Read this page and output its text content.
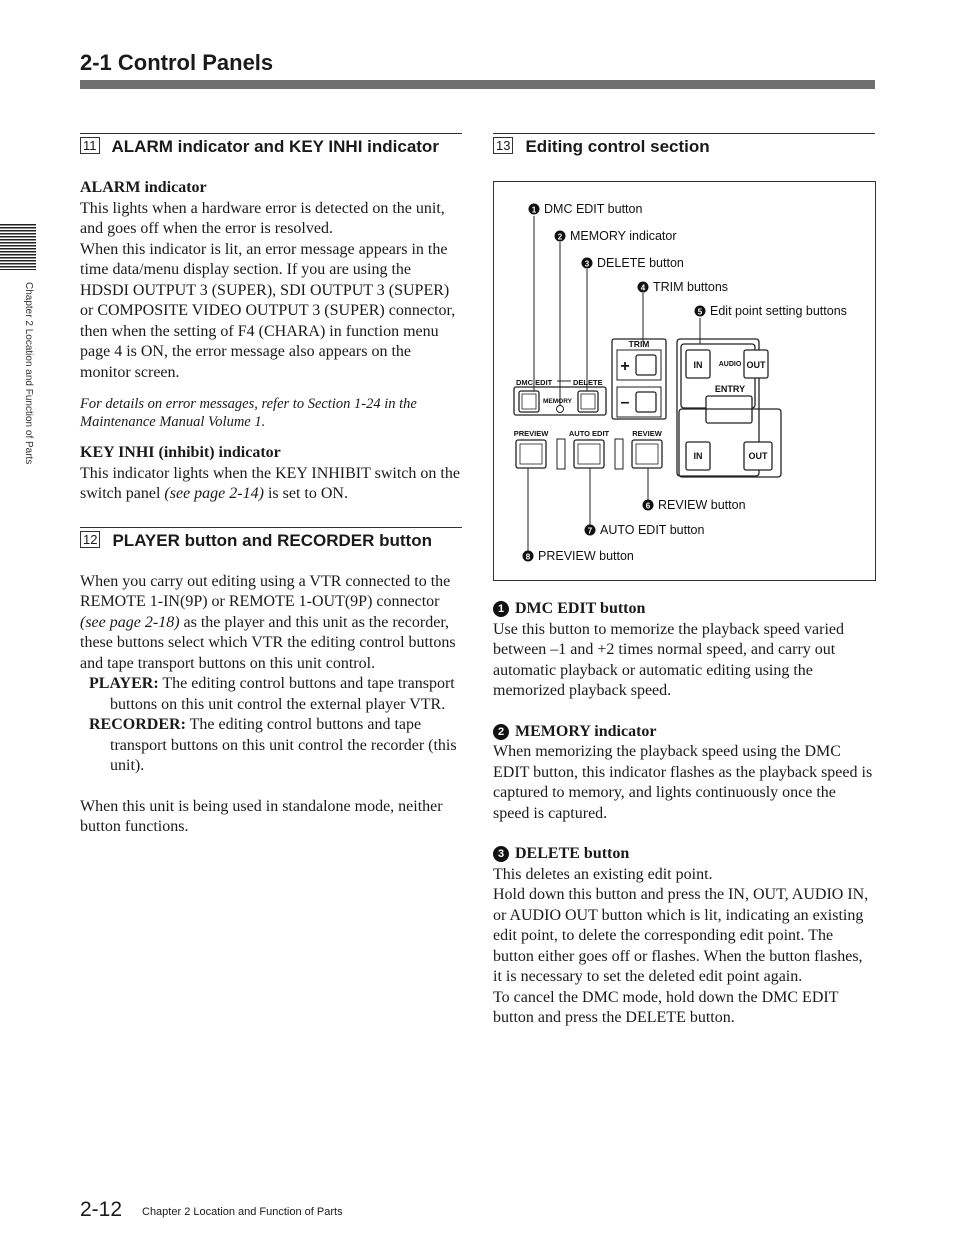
2-1 Control Panels
Chapter 2 Location and Function of Parts
11 ALARM indicator and KEY INHI indicator

ALARM indicator

This lights when a hardware error is detected on the unit, and goes off when the error is resolved.

When this indicator is lit, an error message appears in the time data/menu display section. If you are using the HDSDI OUTPUT 3 (SUPER), SDI OUTPUT 3 (SUPER) or COMPOSITE VIDEO OUTPUT 3 (SUPER) connector, then when the setting of F4 (CHARA) in function menu page 4 is ON, the error message also appears on the monitor screen.

For details on error messages, refer to Section 1-24 in the Maintenance Manual Volume 1.

KEY INHI (inhibit) indicator

This indicator lights when the KEY INHIBIT switch on the switch panel (see page 2-14) is set to ON.

12 PLAYER button and RECORDER button

When you carry out editing using a VTR connected to the REMOTE 1-IN(9P) or REMOTE 1-OUT(9P) connector (see page 2-18) as the player and this unit as the recorder, these buttons select which VTR the editing control buttons and tape transport buttons on this unit control.

PLAYER: The editing control buttons and tape transport buttons on this unit control the external player VTR.

RECORDER: The editing control buttons and tape transport buttons on this unit control the recorder (this unit).

When this unit is being used in standalone mode, neither button functions.

13 Editing control section
1 DMC EDIT button
2 MEMORY indicator
3 DELETE button
4 TRIM buttons
5 Edit point setting buttons
6 REVIEW button
7 AUTO EDIT button
8 PREVIEW button
DMC EDIT	DELETE
MEMORY
TRIM
+
–
PREVIEW	AUTO EDIT	REVIEW
IN AUDIO OUT
ENTRY
IN	OUT

1 DMC EDIT button

Use this button to memorize the playback speed varied between –1 and +2 times normal speed, and carry out automatic playback or automatic editing using the memorized playback speed.

2 MEMORY indicator

When memorizing the playback speed using the DMC EDIT button, this indicator flashes as the playback speed is captured to memory, and lights continuously once the speed is captured.

3 DELETE button

This deletes an existing edit point.

Hold down this button and press the IN, OUT, AUDIO IN, or AUDIO OUT button which is lit, indicating an existing edit point, to delete the corresponding edit point. The button either goes off or flashes. When the button flashes, it is necessary to set the deleted edit point again.

To cancel the DMC mode, hold down the DMC EDIT button and press the DELETE button.

2-12 Chapter 2 Location and Function of Parts
